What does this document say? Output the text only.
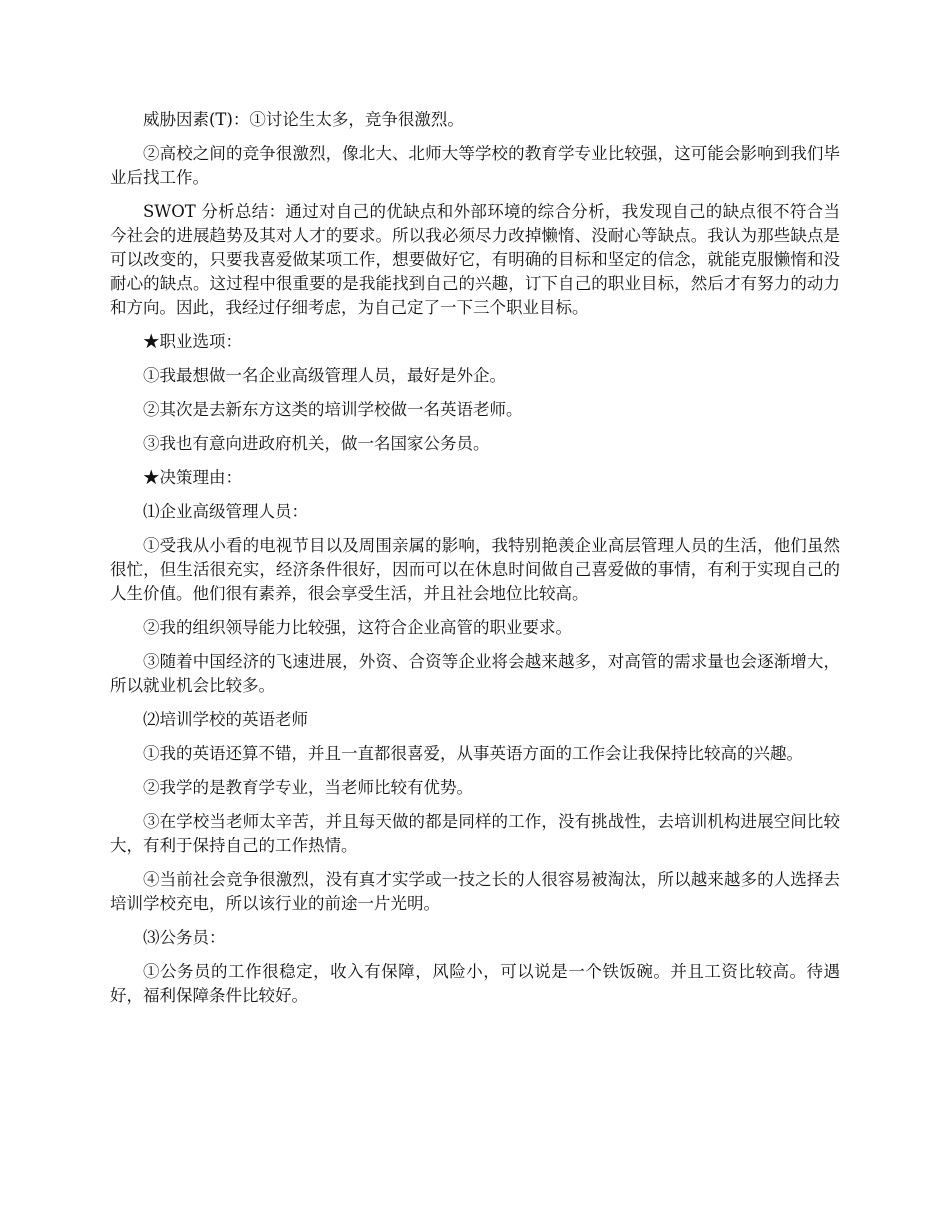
威胁因素(T)：①讨论生太多，竞争很激烈。

②高校之间的竞争很激烈，像北大、北师大等学校的教育学专业比较强，这可能会影响到我们毕业后找工作。

SWOT 分析总结：通过对自己的优缺点和外部环境的综合分析，我发现自己的缺点很不符合当今社会的进展趋势及其对人才的要求。所以我必须尽力改掉懒惰、没耐心等缺点。我认为那些缺点是可以改变的，只要我喜爱做某项工作，想要做好它，有明确的目标和坚定的信念，就能克服懒惰和没耐心的缺点。这过程中很重要的是我能找到自己的兴趣，订下自己的职业目标，然后才有努力的动力和方向。因此，我经过仔细考虑，为自己定了一下三个职业目标。

★职业选项：

①我最想做一名企业高级管理人员，最好是外企。

②其次是去新东方这类的培训学校做一名英语老师。

③我也有意向进政府机关，做一名国家公务员。

★决策理由：

⑴企业高级管理人员：

①受我从小看的电视节目以及周围亲属的影响，我特别艳羡企业高层管理人员的生活，他们虽然很忙，但生活很充实，经济条件很好，因而可以在休息时间做自己喜爱做的事情，有利于实现自己的人生价值。他们很有素养，很会享受生活，并且社会地位比较高。

②我的组织领导能力比较强，这符合企业高管的职业要求。

③随着中国经济的飞速进展，外资、合资等企业将会越来越多，对高管的需求量也会逐渐增大，所以就业机会比较多。

⑵培训学校的英语老师

①我的英语还算不错，并且一直都很喜爱，从事英语方面的工作会让我保持比较高的兴趣。

②我学的是教育学专业，当老师比较有优势。

③在学校当老师太辛苦，并且每天做的都是同样的工作，没有挑战性，去培训机构进展空间比较大，有利于保持自己的工作热情。

④当前社会竞争很激烈，没有真才实学或一技之长的人很容易被淘汰，所以越来越多的人选择去培训学校充电，所以该行业的前途一片光明。

⑶公务员：

①公务员的工作很稳定，收入有保障，风险小，可以说是一个铁饭碗。并且工资比较高。待遇好，福利保障条件比较好。
